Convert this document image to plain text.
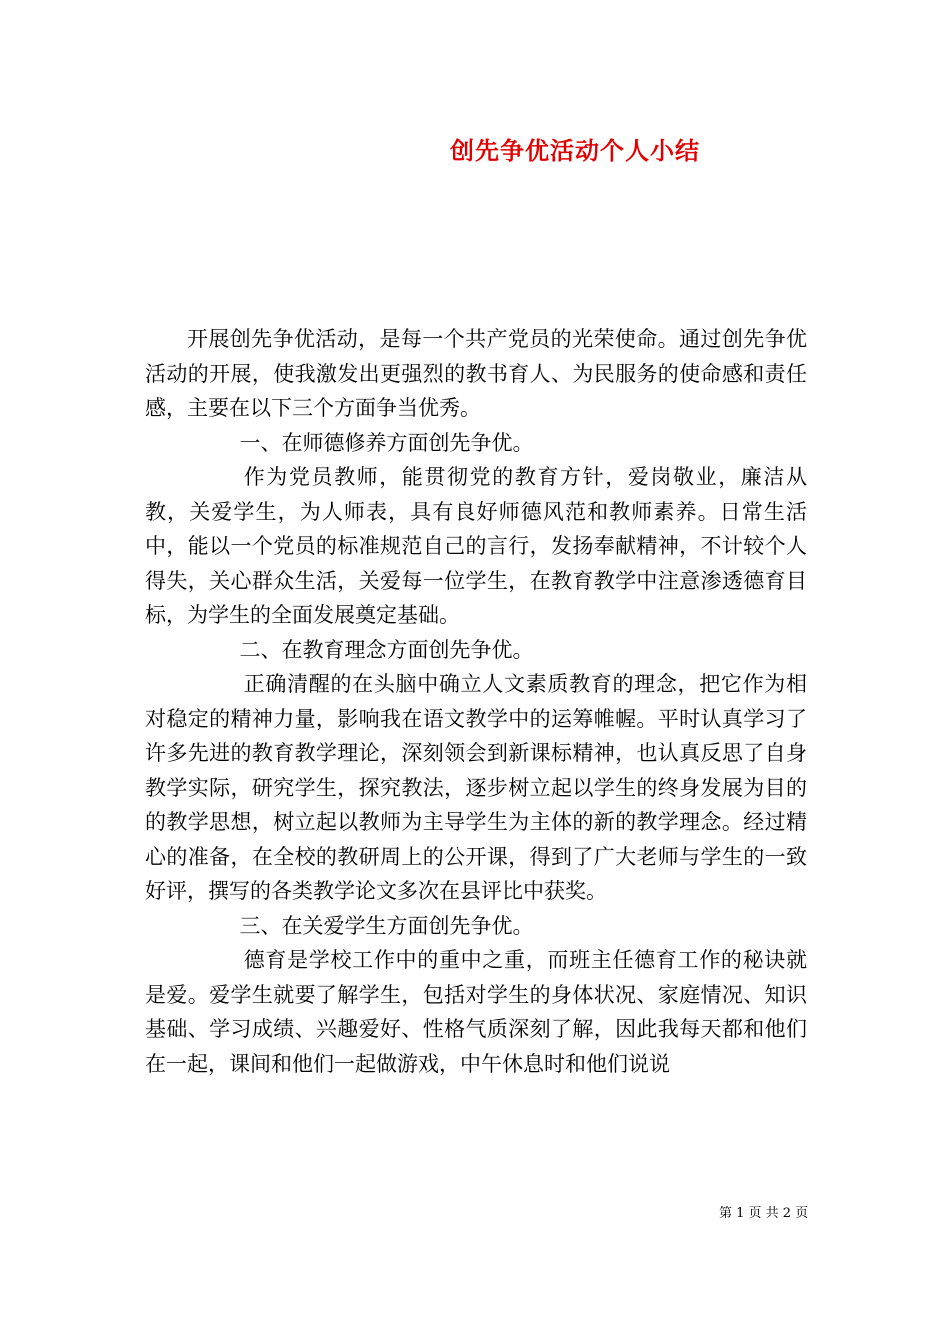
创先争优活动个人小结

开展创先争优活动，是每一个共产党员的光荣使命。通过创先争优活动的开展，使我激发出更强烈的教书育人、为民服务的使命感和责任感，主要在以下三个方面争当优秀。

一、在师德修养方面创先争优。

作为党员教师，能贯彻党的教育方针，爱岗敬业，廉洁从教，关爱学生，为人师表，具有良好师德风范和教师素养。日常生活中，能以一个党员的标准规范自己的言行，发扬奉献精神，不计较个人得失，关心群众生活，关爱每一位学生，在教育教学中注意渗透德育目标，为学生的全面发展奠定基础。

二、在教育理念方面创先争优。

正确清醒的在头脑中确立人文素质教育的理念，把它作为相对稳定的精神力量，影响我在语文教学中的运筹帷幄。平时认真学习了许多先进的教育教学理论，深刻领会到新课标精神，也认真反思了自身教学实际，研究学生，探究教法，逐步树立起以学生的终身发展为目的的教学思想，树立起以教师为主导学生为主体的新的教学理念。经过精心的准备，在全校的教研周上的公开课，得到了广大老师与学生的一致好评，撰写的各类教学论文多次在县评比中获奖。

三、在关爱学生方面创先争优。

德育是学校工作中的重中之重，而班主任德育工作的秘诀就是爱。爱学生就要了解学生，包括对学生的身体状况、家庭情况、知识基础、学习成绩、兴趣爱好、性格气质深刻了解，因此我每天都和他们在一起，课间和他们一起做游戏，中午休息时和他们说说

第 1 页 共 2 页
